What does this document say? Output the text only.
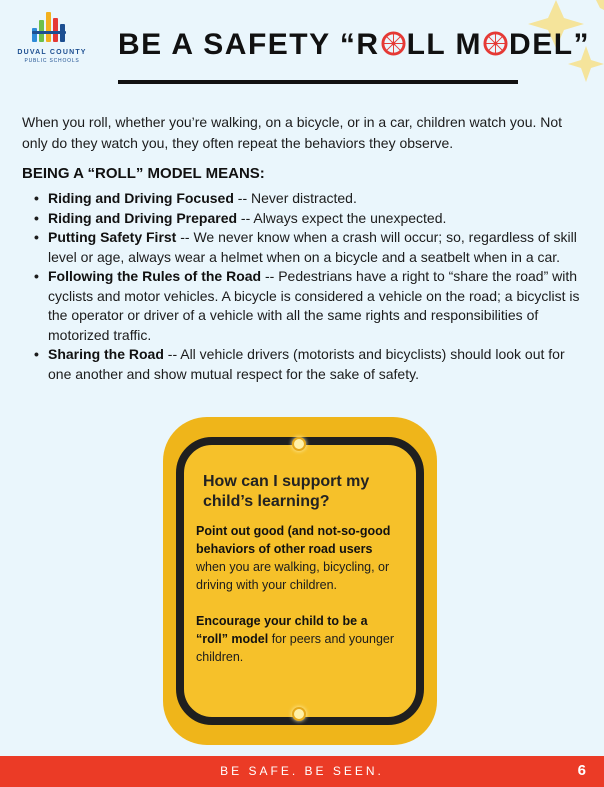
DUVAL COUNTY
PUBLIC SCHOOLS	BE A SAFETY “R LL M DEL”

When you roll, whether you’re walking, on a bicycle, or in a car, children watch you. Not only do they watch you, they often repeat the behaviors they observe.

BEING A “ROLL” MODEL MEANS:
• Riding and Driving Focused -- Never distracted.
• Riding and Driving Prepared -- Always expect the unexpected.
• Putting Safety First -- We never know when a crash will occur; so, regardless of skill level or age, always wear a helmet when on a bicycle and a seatbelt when in a car.
• Following the Rules of the Road -- Pedestrians have a right to “share the road” with cyclists and motor vehicles. A bicycle is considered a vehicle on the road; a bicyclist is the operator or driver of a vehicle with all the same rights and responsibilities of motorized traffic.
• Sharing the Road -- All vehicle drivers (motorists and bicyclists) should look out for one another and show mutual respect for the sake of safety.
How can I support my child’s learning?

Point out good (and not-so-good behaviors of other road users when you are walking, bicycling, or driving with your children.

Encourage your child to be a “roll” model for peers and younger children.

BE SAFE. BE SEEN.	6
